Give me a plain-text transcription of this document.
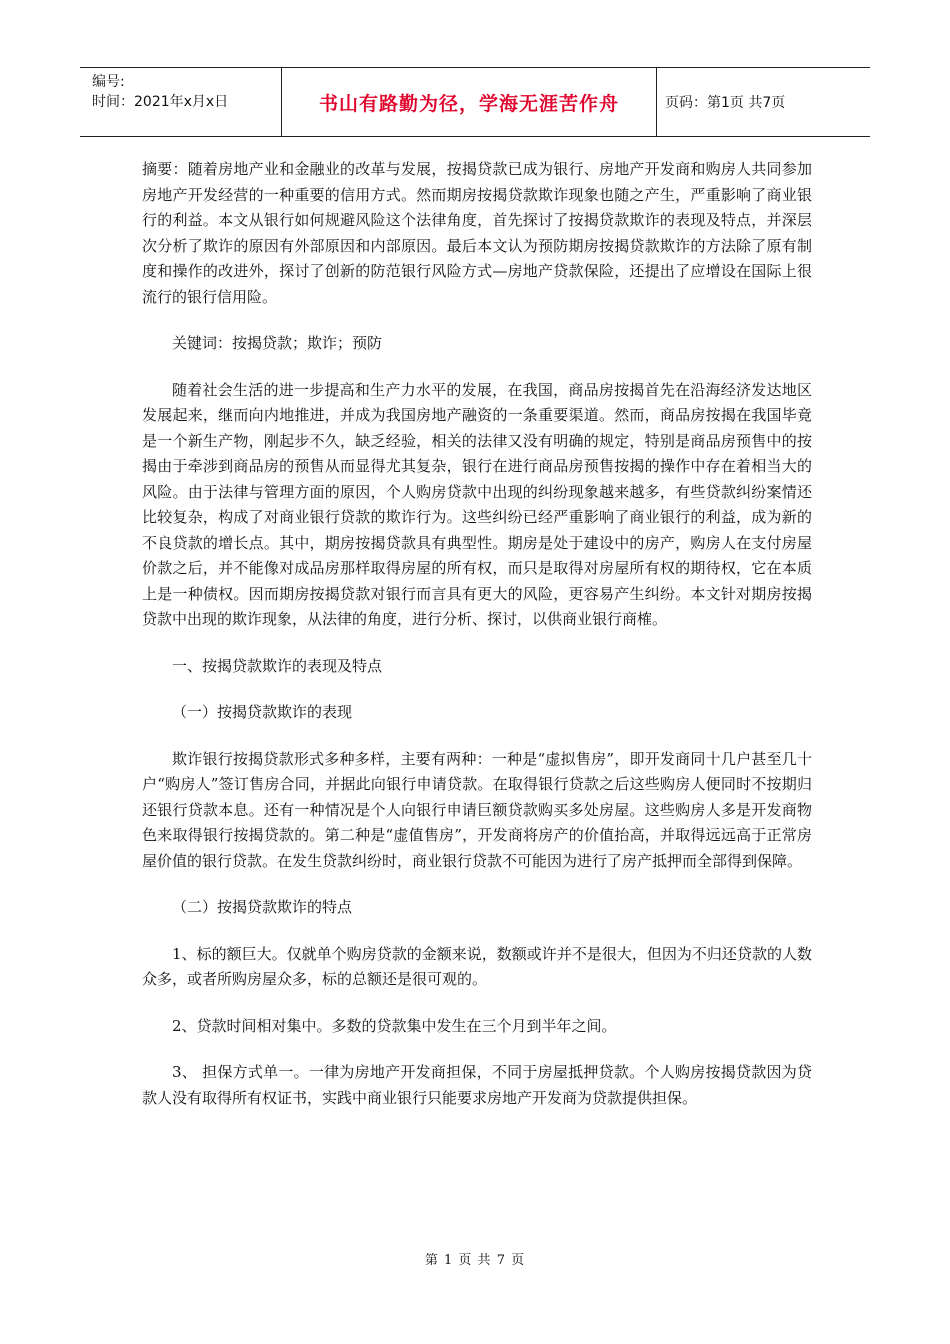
编号:
时间：2021年x月x日	书山有路勤为径，学海无涯苦作舟	页码：第1页 共7页

摘要：随着房地产业和金融业的改革与发展，按揭贷款已成为银行、房地产开发商和购房人共同参加房地产开发经营的一种重要的信用方式。然而期房按揭贷款欺诈现象也随之产生，严重影响了商业银行的利益。本文从银行如何规避风险这个法律角度，首先探讨了按揭贷款欺诈的表现及特点，并深层次分析了欺诈的原因有外部原因和内部原因。最后本文认为预防期房按揭贷款欺诈的方法除了原有制度和操作的改进外，探讨了创新的防范银行风险方式—房地产贷款保险，还提出了应增设在国际上很流行的银行信用险。

关键词：按揭贷款；欺诈；预防

随着社会生活的进一步提高和生产力水平的发展，在我国，商品房按揭首先在沿海经济发达地区发展起来，继而向内地推进，并成为我国房地产融资的一条重要渠道。然而，商品房按揭在我国毕竟是一个新生产物，刚起步不久，缺乏经验，相关的法律又没有明确的规定，特别是商品房预售中的按揭由于牵涉到商品房的预售从而显得尤其复杂，银行在进行商品房预售按揭的操作中存在着相当大的风险。由于法律与管理方面的原因，个人购房贷款中出现的纠纷现象越来越多，有些贷款纠纷案情还比较复杂，构成了对商业银行贷款的欺诈行为。这些纠纷已经严重影响了商业银行的利益，成为新的不良贷款的增长点。其中，期房按揭贷款具有典型性。期房是处于建设中的房产，购房人在支付房屋价款之后，并不能像对成品房那样取得房屋的所有权，而只是取得对房屋所有权的期待权，它在本质上是一种债权。因而期房按揭贷款对银行而言具有更大的风险，更容易产生纠纷。本文针对期房按揭贷款中出现的欺诈现象，从法律的角度，进行分析、探讨，以供商业银行商榷。

一、按揭贷款欺诈的表现及特点

（一）按揭贷款欺诈的表现

欺诈银行按揭贷款形式多种多样，主要有两种：一种是“虚拟售房”，即开发商同十几户甚至几十户“购房人”签订售房合同，并据此向银行申请贷款。在取得银行贷款之后这些购房人便同时不按期归还银行贷款本息。还有一种情况是个人向银行申请巨额贷款购买多处房屋。这些购房人多是开发商物色来取得银行按揭贷款的。第二种是“虚值售房”，开发商将房产的价值抬高，并取得远远高于正常房屋价值的银行贷款。在发生贷款纠纷时，商业银行贷款不可能因为进行了房产抵押而全部得到保障。

（二）按揭贷款欺诈的特点

1、标的额巨大。仅就单个购房贷款的金额来说，数额或许并不是很大，但因为不归还贷款的人数众多，或者所购房屋众多，标的总额还是很可观的。

2、贷款时间相对集中。多数的贷款集中发生在三个月到半年之间。

3、 担保方式单一。一律为房地产开发商担保，不同于房屋抵押贷款。个人购房按揭贷款因为贷款人没有取得所有权证书，实践中商业银行只能要求房地产开发商为贷款提供担保。

第 1 页 共 7 页
